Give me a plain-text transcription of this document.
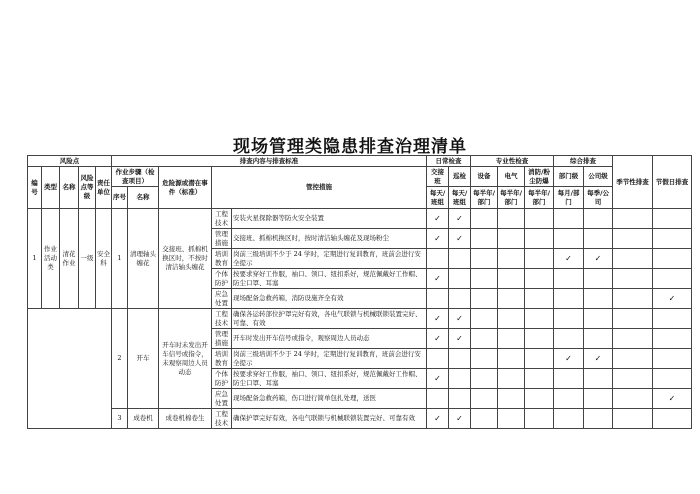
现场管理类隐患排查治理清单
风险点					排查内容与排查标准					日常检查		专业性检查			综合排查		季节性排查	节假日排查
编号	类型	名称	风险点等级	责任单位	作业步骤（检查项目）		危险源或潜在事件（标准）	管控措施		交接班	巡检	设备	电气	消防/粉尘防爆	部门级	公司级		
					序号	名称				每天/班组	每天/班组	每半年/部门	每半年/部门	每半年/部门	每月/部门	每季/公司		
1	作业活动类	清花作业	一级	安全科	1	清理轴头缠花	交接班、抓棉机换区时，不按时清洁轴头缠花	工程技术	安装火星探除器等防火安全装置	✓	✓							
								管理措施	交接班、抓棉机换区时，按时清洁轴头缠花及现场粉尘	✓	✓							
								培训教育	岗前三级培训不少于 24 学时，定期进行复训教育，班前会进行安全提示						✓	✓		
								个体防护	按要求穿好工作服，袖口、领口、纽扣系好，规范佩戴好工作帽、防尘口罩、耳塞	✓								
								应急处置	现场配备急救药箱，消防设施齐全有效									✓
					2	开车	开车时未发出开车信号或指令，未观察周边人员动态	工程技术	确保各运转部位护罩完好有效，各电气联锁与机械联锁装置完好、可靠、有效	✓	✓							
								管理措施	开车时发出开车信号或指令，观察周边人员动态	✓	✓							
								培训教育	岗前三级培训不少于 24 学时，定期进行复训教育，班前会进行安全提示						✓	✓		
								个体防护	按要求穿好工作服，袖口、领口、纽扣系好，规范佩戴好工作帽、防尘口罩、耳塞	✓								
								应急处置	现场配备急救药箱，伤口进行简单包扎处理，送医									✓
					3	成卷机	成卷机棉卷生	工程技术	确保护罩完好有效，各电气联锁与机械联锁装置完好、可靠有效	✓	✓							
